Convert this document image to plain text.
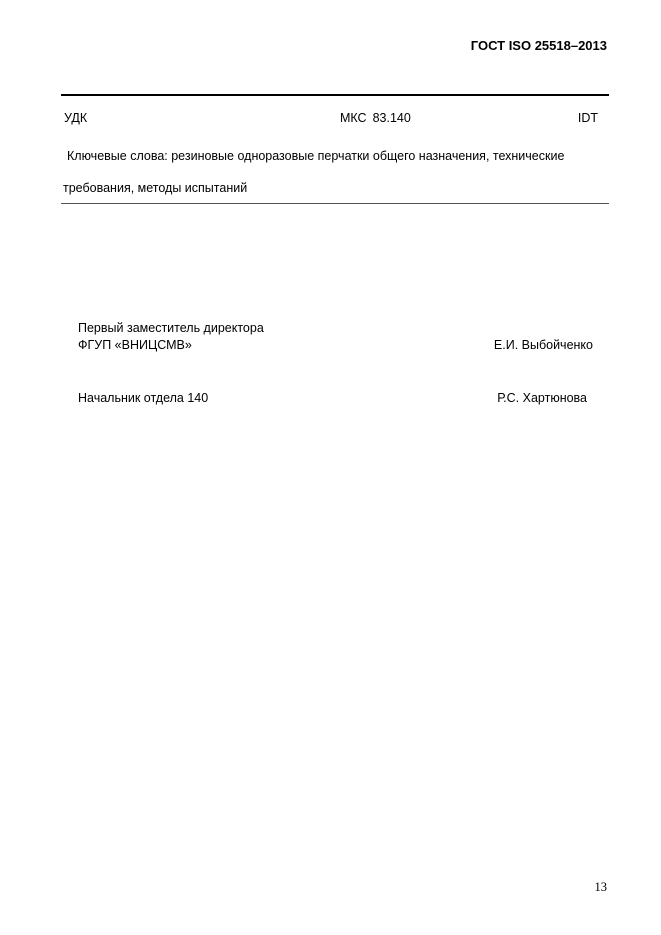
ГОСТ ISO 25518–2013
УДК	МКС 83.140	IDT
Ключевые слова: резиновые одноразовые перчатки общего назначения, технические
требования, методы испытаний
Первый заместитель директора
ФГУП «ВНИЦСМВ»	Е.И. Выбойченко
Начальник отдела 140	Р.С. Хартюнова
13
